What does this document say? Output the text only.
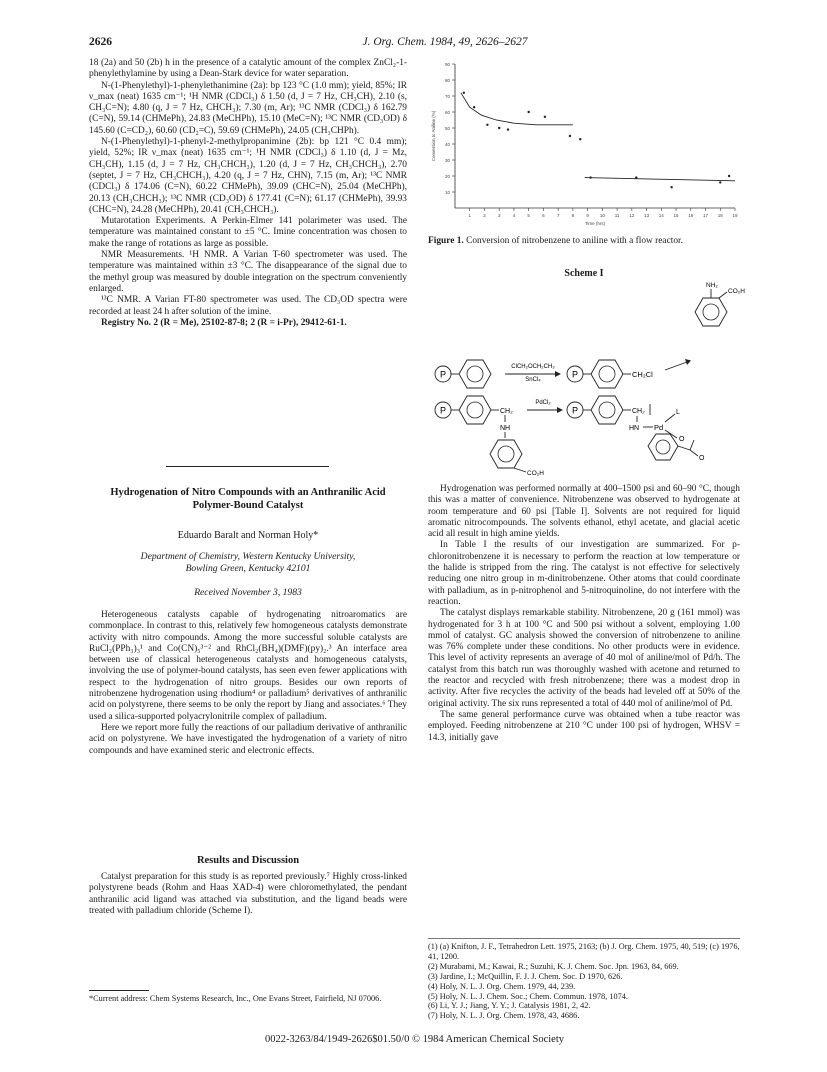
2626	J. Org. Chem. 1984, 49, 2626–2627

18 (2a) and 50 (2b) h in the presence of a catalytic amount of the complex ZnCl₂-1-phenylethylamine by using a Dean-Stark device for water separation.

N-(1-Phenylethyl)-1-phenylethanimine (2a): bp 123 °C (1.0 mm); yield, 85%; IR ν_max (neat) 1635 cm⁻¹; ¹H NMR (CDCl₃) δ 1.50 (d, J = 7 Hz, CH₃CH), 2.10 (s, CH₃C=N); 4.80 (q, J = 7 Hz, CHCH₃); 7.30 (m, Ar); ¹³C NMR (CDCl₃) δ 162.79 (C=N), 59.14 (CHMePh), 24.83 (MeCHPh), 15.10 (MeC=N); ¹³C NMR (CD₃OD) δ 145.60 (C=CD₂), 60.60 (CD₂=C), 59.69 (CHMePh), 24.05 (CH₃CHPh).

N-(1-Phenylethyl)-1-phenyl-2-methylpropanimine (2b): bp 121 °C 0.4 mm); yield, 52%; IR ν_max (neat) 1635 cm⁻¹; ¹H NMR (CDCl₃) δ 1.10 (d, J = Mz, CH₃CH), 1.15 (d, J = 7 Hz, CH₃CHCH₃), 1.20 (d, J = 7 Hz, CH₃CHCH₃), 2.70 (septet, J = 7 Hz, CH₃CHCH₃), 4.20 (q, J = 7 Hz, CHN), 7.15 (m, Ar); ¹³C NMR (CDCl₃) δ 174.06 (C=N), 60.22 CHMePh), 39.09 (CHC=N), 25.04 (MeCHPh), 20.13 (CH₃CHCH₃); ¹³C NMR (CD₃OD) δ 177.41 (C=N); 61.17 (CHMePh), 39.93 (CHC=N), 24.28 (MeCHPh), 20.41 (CH₃CHCH₃).

Mutarotation Experiments. A Perkin-Elmer 141 polarimeter was used. The temperature was maintained constant to ±5 °C. Imine concentration was chosen to make the range of rotations as large as possible.

NMR Measurements. ¹H NMR. A Varian T-60 spectrometer was used. The temperature was maintained within ±3 °C. The disappearance of the signal due to the methyl group was measured by double integration on the spectrum conveniently enlarged.

¹³C NMR. A Varian FT-80 spectrometer was used. The CD₃OD spectra were recorded at least 24 h after solution of the imine.

Registry No. 2 (R = Me), 25102-87-8; 2 (R = i-Pr), 29412-61-1.

Hydrogenation of Nitro Compounds with an Anthranilic Acid Polymer-Bound Catalyst
Eduardo Baralt and Norman Holy*
Department of Chemistry, Western Kentucky University,
Bowling Green, Kentucky 42101
Received November 3, 1983

Heterogeneous catalysts capable of hydrogenating nitroaromatics are commonplace. In contrast to this, relatively few homogeneous catalysts demonstrate activity with nitro compounds. Among the more successful soluble catalysts are RuCl₂(PPh₃)₃¹ and Co(CN)₅³⁻² and RhCl₂(BH₄)(DMF)(py)₂.³ An interface area between use of classical heterogeneous catalysts and homogeneous catalysts, involving the use of polymer-bound catalysts, has seen even fewer applications with respect to the hydrogenation of nitro groups. Besides our own reports of nitrobenzene hydrogenation using rhodium⁴ or palladium⁵ derivatives of anthranilic acid on polystyrene, there seems to be only the report by Jiang and associates.⁶ They used a silica-supported polyacrylonitrile complex of palladium.

Here we report more fully the reactions of our palladium derivative of anthranilic acid on polystyrene. We have investigated the hydrogenation of a variety of nitro compounds and have examined steric and electronic effects.

Results and Discussion

Catalyst preparation for this study is as reported previously.⁷ Highly cross-linked polystyrene beads (Rohm and Haas XAD-4) were chloromethylated, the pendant anthranilic acid ligand was attached via substitution, and the ligand beads were treated with palladium chloride (Scheme I).

*Current address: Chem Systems Research, Inc., One Evans Street, Fairfield, NJ 07006.
10
20
30
40
50
60
70
80
90
1	2	3	4	5	6	7	8	9 10 11 12 13 14 15 16 17 18 19
Time (hrs)
Conversion to Aniline (%)
Figure 1. Conversion of nitrobenzene to aniline with a flow reactor.
Scheme I
P
ClCH₂OCH₂CH₃
SnCl₄
P	CH₂Cl
NH₂
CO₂H
P	CH₂
NH
PdCl₂
P	CH₂
HN Pd
L
O
CO₂H
O

Hydrogenation was performed normally at 400–1500 psi and 60–90 °C, though this was a matter of convenience. Nitrobenzene was observed to hydrogenate at room temperature and 60 psi [Table I]. Solvents are not required for liquid aromatic nitrocompounds. The solvents ethanol, ethyl acetate, and glacial acetic acid all result in high amine yields.

In Table I the results of our investigation are summarized. For p-chloronitrobenzene it is necessary to perform the reaction at low temperature or the halide is stripped from the ring. The catalyst is not effective for selectively reducing one nitro group in m-dinitrobenzene. Other atoms that could coordinate with palladium, as in p-nitrophenol and 5-nitroquinoline, do not interfere with the reaction.

The catalyst displays remarkable stability. Nitrobenzene, 20 g (161 mmol) was hydrogenated for 3 h at 100 °C and 500 psi without a solvent, employing 1.00 mmol of catalyst. GC analysis showed the conversion of nitrobenzene to aniline was 76% complete under these conditions. No other products were in evidence. This level of activity represents an average of 40 mol of aniline/mol of Pd/h. The catalyst from this batch run was thoroughly washed with acetone and returned to the reactor and recycled with fresh nitrobenzene; there was a modest drop in activity. After five recycles the activity of the beads had leveled off at 50% of the original activity. The six runs represented a total of 440 mol of aniline/mol of Pd.

The same general performance curve was obtained when a tube reactor was employed. Feeding nitrobenzene at 210 °C under 100 psi of hydrogen, WHSV = 14.3, initially gave

(1) (a) Knifton, J. F., Tetrahedron Lett. 1975, 2163; (b) J. Org. Chem. 1975, 40, 519; (c) 1976, 41, 1200.
(2) Murabami, M.; Kawai, R.; Suzuhi, K. J. Chem. Soc. Jpn. 1963, 84, 669.
(3) Jardine, I.; McQuillin, F. J. J. Chem. Soc. D 1970, 626.
(4) Holy, N. L. J. Org. Chem. 1979, 44, 239.
(5) Holy, N. L. J. Chem. Soc.; Chem. Commun. 1978, 1074.
(6) Li, Y. J.; Jiang, Y. Y.; J. Catalysis 1981, 2, 42.
(7) Holy, N. L. J. Org. Chem. 1978, 43, 4686.
0022-3263/84/1949-2626$01.50/0 © 1984 American Chemical Society
